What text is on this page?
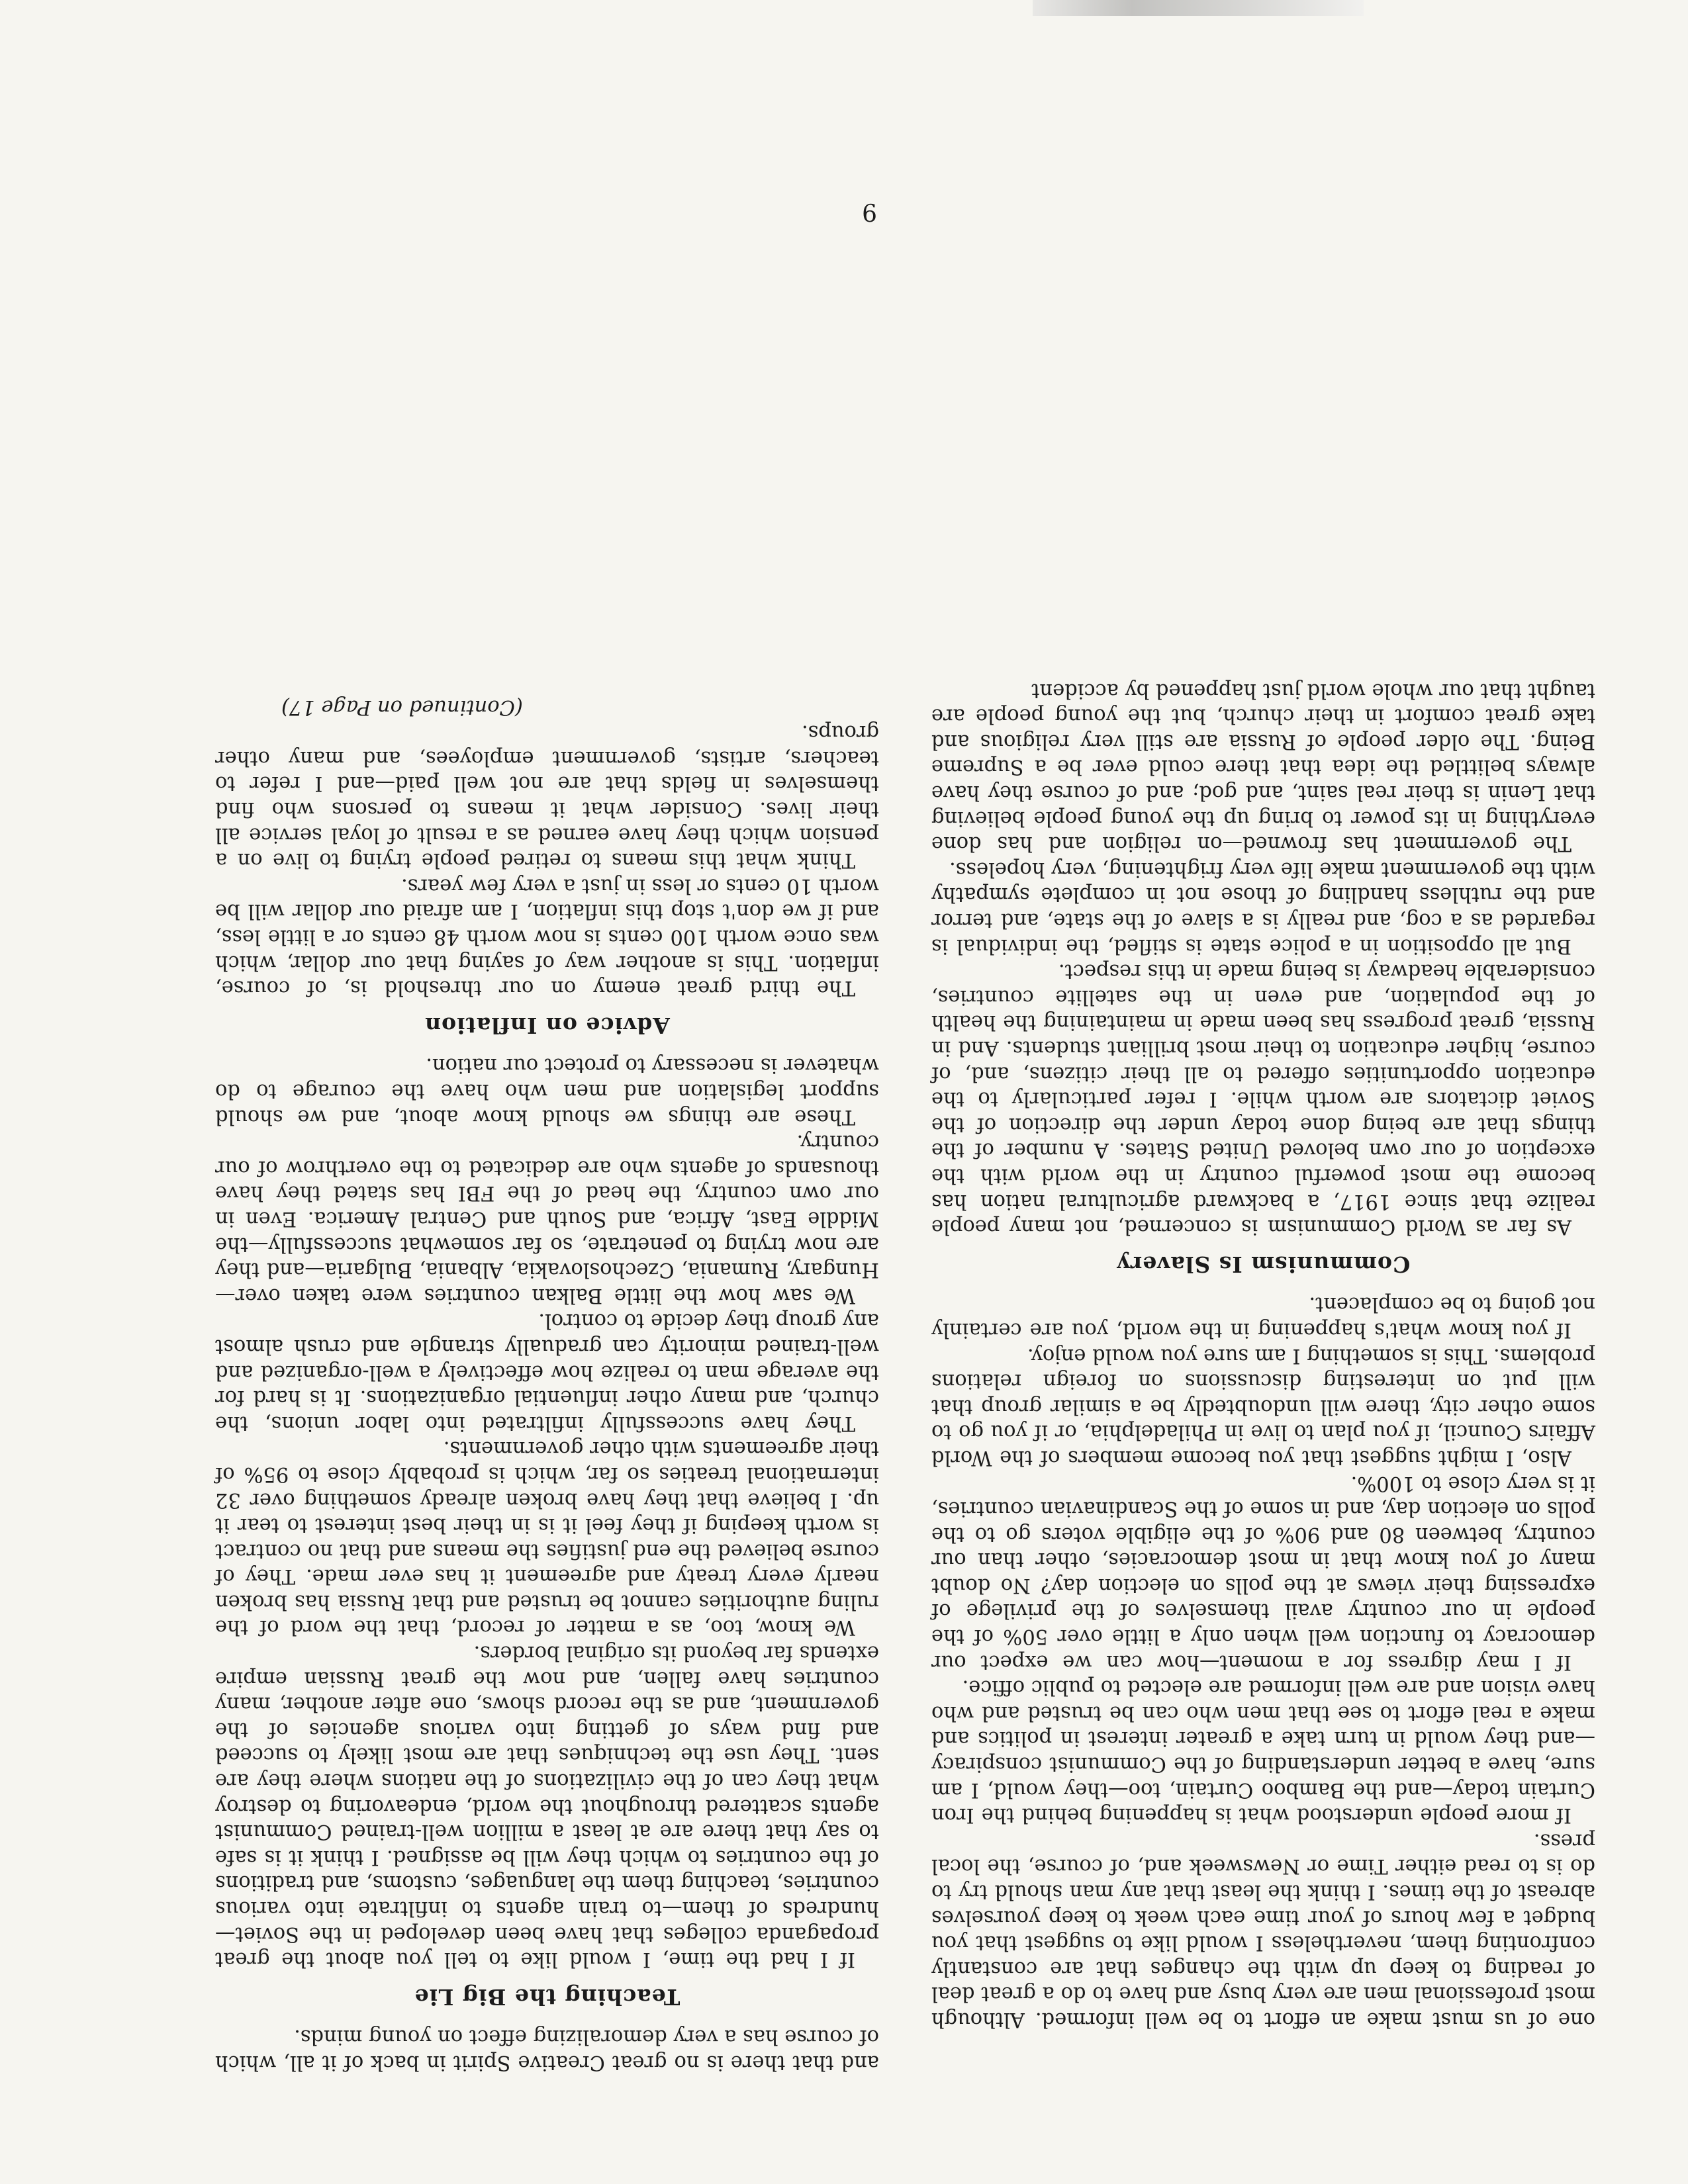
one of us must make an effort to be well informed. Although most professional men are very busy and have to do a great deal of reading to keep up with the changes that are constantly confronting them, nevertheless I would like to suggest that you budget a few hours of your time each week to keep yourselves abreast of the times. I think the least that any man should try to do is to read either Time or Newsweek and, of course, the local press.

If more people understood what is happening behind the Iron Curtain today—and the Bamboo Curtain, too—they would, I am sure, have a better understanding of the Communist conspiracy—and they would in turn take a greater interest in politics and make a real effort to see that men who can be trusted and who have vision and are well informed are elected to public office.

If I may digress for a moment—how can we expect our democracy to function well when only a little over 50% of the people in our country avail themselves of the privilege of expressing their views at the polls on election day? No doubt many of you know that in most democracies, other than our country, between 80 and 90% of the eligible voters go to the polls on election day, and in some of the Scandinavian countries, it is very close to 100%.

Also, I might suggest that you become members of the World Affairs Council, if you plan to live in Philadelphia, or if you go to some other city, there will undoubtedly be a similar group that will put on interesting discussions on foreign relations problems. This is something I am sure you would enjoy.

If you know what's happening in the world, you are certainly not going to be complacent.

Communism Is Slavery

As far as World Communism is concerned, not many people realize that since 1917, a backward agricultural nation has become the most powerful country in the world with the exception of our own beloved United States. A number of the things that are being done today under the direction of the Soviet dictators are worth while. I refer particularly to the education opportunities offered to all their citizens, and, of course, higher education to their most brilliant students. And in Russia, great progress has been made in maintaining the health of the population, and even in the satellite countries, considerable headway is being made in this respect.

But all opposition in a police state is stifled, the individual is regarded as a cog, and really is a slave of the state, and terror and the ruthless handling of those not in complete sympathy with the government make life very frightening, very hopeless.

The government has frowned—on religion and has done everything in its power to bring up the young people believing that Lenin is their real saint, and god; and of course they have always belittled the idea that there could ever be a Supreme Being. The older people of Russia are still very religious and take great comfort in their church, but the young people are taught that our whole world just happened by accident

and that there is no great Creative Spirit in back of it all, which of course has a very demoralizing effect on young minds.

Teaching the Big Lie

If I had the time, I would like to tell you about the great propaganda colleges that have been developed in the Soviet—hundreds of them—to train agents to infiltrate into various countries, teaching them the languages, customs, and traditions of the countries to which they will be assigned. I think it is safe to say that there are at least a million well-trained Communist agents scattered throughout the world, endeavoring to destroy what they can of the civilizations of the nations where they are sent. They use the techniques that are most likely to succeed and find ways of getting into various agencies of the government, and as the record shows, one after another, many countries have fallen, and now the great Russian empire extends far beyond its original borders.

We know, too, as a matter of record, that the word of the ruling authorities cannot be trusted and that Russia has broken nearly every treaty and agreement it has ever made. They of course believed the end justifies the means and that no contract is worth keeping if they feel it is in their best interest to tear it up. I believe that they have broken already something over 32 international treaties so far, which is probably close to 95% of their agreements with other governments.

They have successfully infiltrated into labor unions, the church, and many other influential organizations. It is hard for the average man to realize how effectively a well-organized and well-trained minority can gradually strangle and crush almost any group they decide to control.

We saw how the little Balkan countries were taken over—Hungary, Rumania, Czechoslovakia, Albania, Bulgaria—and they are now trying to penetrate, so far somewhat successfully—the Middle East, Africa, and South and Central America. Even in our own country, the head of the FBI has stated they have thousands of agents who are dedicated to the overthrow of our country.

These are things we should know about, and we should support legislation and men who have the courage to do whatever is necessary to protect our nation.

Advice on Inflation

The third great enemy on our threshold is, of course, inflation. This is another way of saying that our dollar, which was once worth 100 cents is now worth 48 cents or a little less, and if we don't stop this inflation, I am afraid our dollar will be worth 10 cents or less in just a very few years.

Think what this means to retired people trying to live on a pension which they have earned as a result of loyal service all their lives. Consider what it means to persons who find themselves in fields that are not well paid—and I refer to teachers, artists, government employees, and many other groups.

(Continued on Page 17)

9
